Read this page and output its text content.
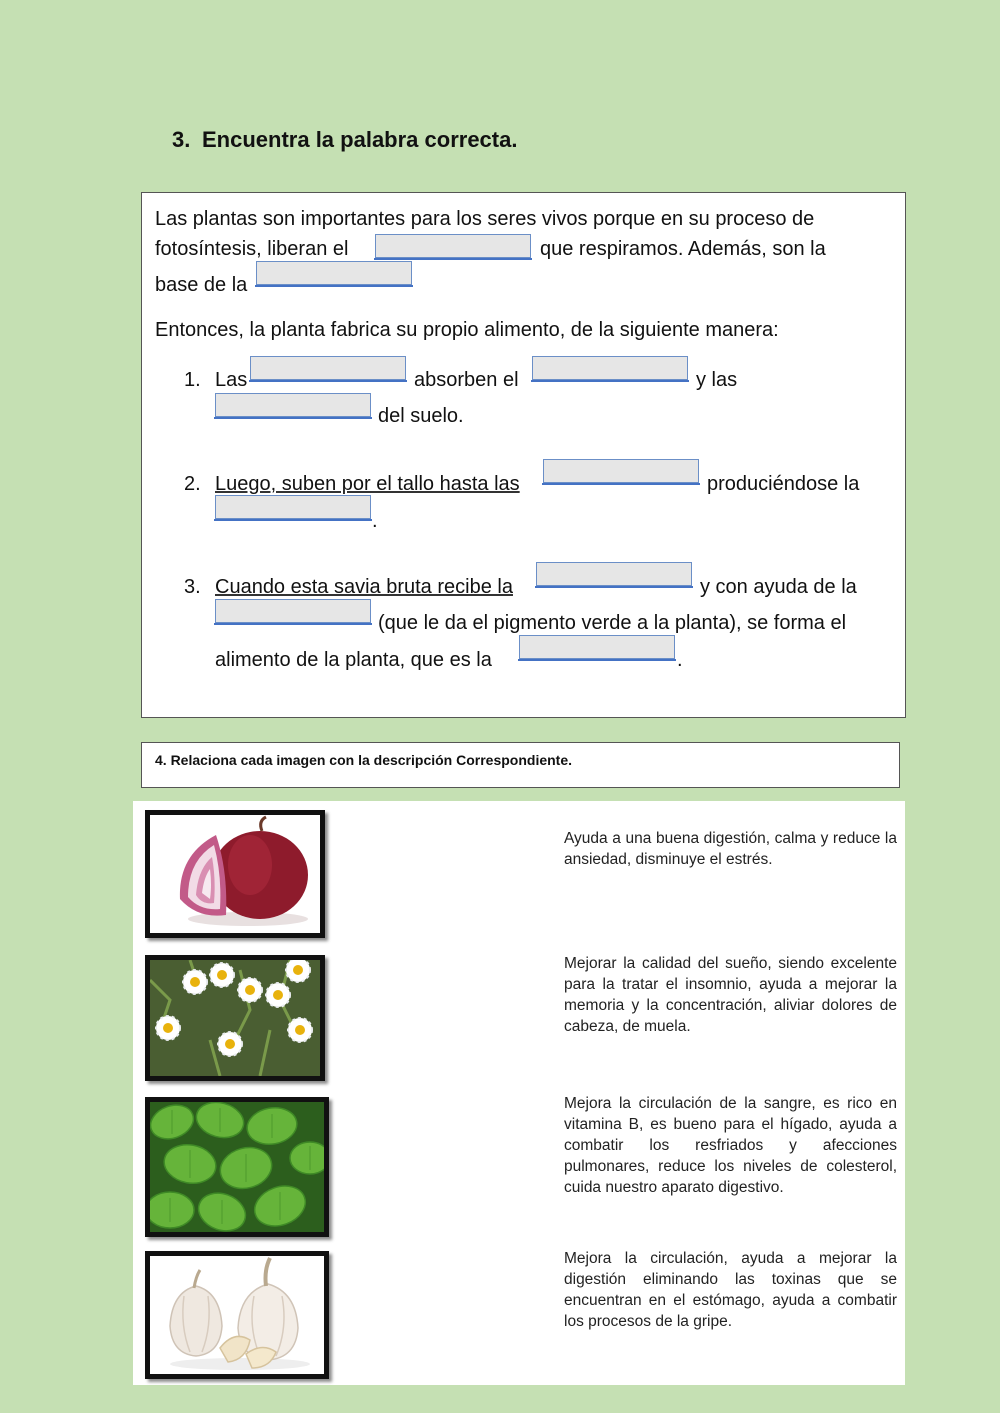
3. Encuentra la palabra correcta.
Las plantas son importantes para los seres vivos porque en su proceso de
fotosíntesis, liberan el	que respiramos. Además, son la
base de la
Entonces, la planta fabrica su propio alimento, de la siguiente manera:
1. Las	absorben el	y las
del suelo.
2. Luego, suben por el tallo hasta las	produciéndose la
.
3. Cuando esta savia bruta recibe la	y con ayuda de la
(que le da el pigmento verde a la planta), se forma el
alimento de la planta, que es la	.
4. Relaciona cada imagen con la descripción Correspondiente.
Ayuda a una buena digestión, calma y reduce la ansiedad, disminuye el estrés.
Mejorar la calidad del sueño, siendo excelente para la tratar el insomnio, ayuda a mejorar la memoria y la concentración, aliviar dolores de cabeza, de muela.
Mejora la circulación de la sangre, es rico en vitamina B, es bueno para el hígado, ayuda a combatir los resfriados y afecciones pulmonares, reduce los niveles de colesterol, cuida nuestro aparato digestivo.
Mejora la circulación, ayuda a mejorar la digestión eliminando las toxinas que se encuentran en el estómago, ayuda a combatir los procesos de la gripe.
